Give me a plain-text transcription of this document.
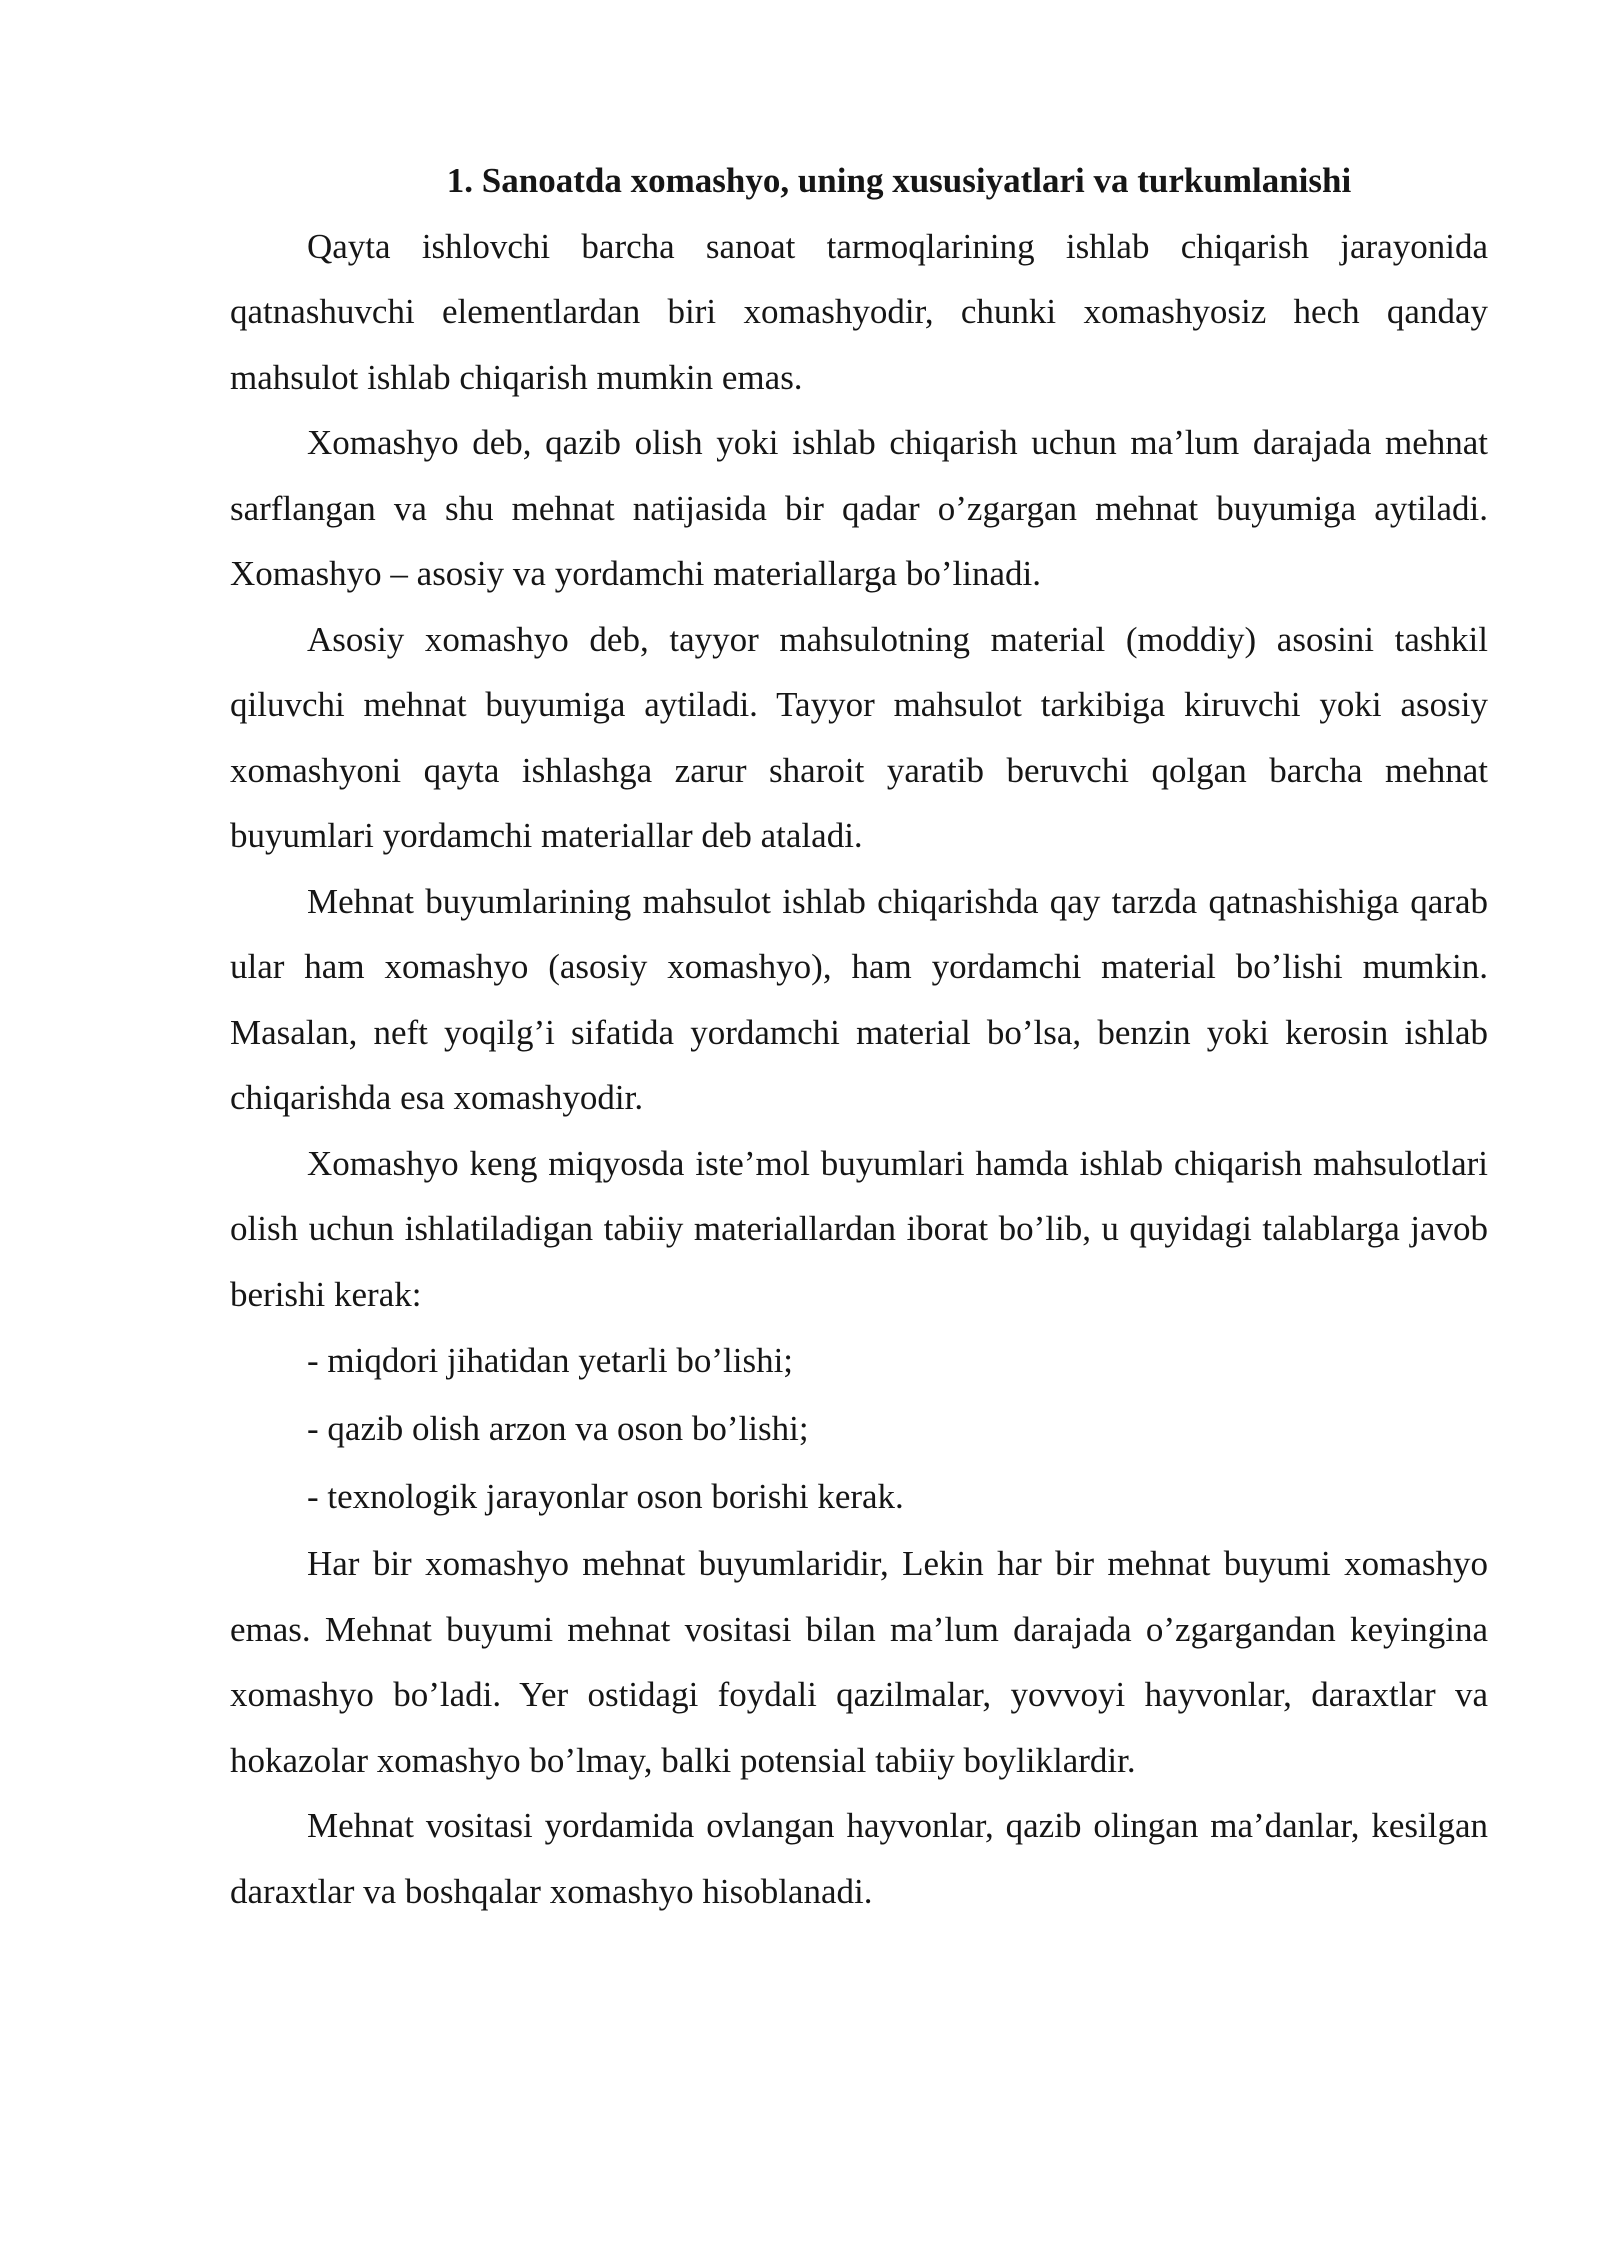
1. Sanoatda xomashyo, uning xususiyatlari va turkumlanishi

Qayta ishlovchi barcha sanoat tarmoqlarining ishlab chiqarish jarayonida qatnashuvchi elementlardan biri xomashyodir, chunki xomashyosiz hech qanday mahsulot ishlab chiqarish mumkin emas.

Xomashyo deb, qazib olish yoki ishlab chiqarish uchun ma’lum darajada mehnat sarflangan va shu mehnat natijasida bir qadar o’zgargan mehnat buyumiga aytiladi. Xomashyo – asosiy va yordamchi materiallarga bo’linadi.

Asosiy xomashyo deb, tayyor mahsulotning material (moddiy) asosini tashkil qiluvchi mehnat buyumiga aytiladi. Tayyor mahsulot tarkibiga kiruvchi yoki asosiy xomashyoni qayta ishlashga zarur sharoit yaratib beruvchi qolgan barcha mehnat buyumlari yordamchi materiallar deb ataladi.

Mehnat buyumlarining mahsulot ishlab chiqarishda qay tarzda qatnashishiga qarab ular ham xomashyo (asosiy xomashyo), ham yordamchi material bo’lishi mumkin. Masalan, neft yoqilg’i sifatida yordamchi material bo’lsa, benzin yoki kerosin ishlab chiqarishda esa xomashyodir.

Xomashyo keng miqyosda iste’mol buyumlari hamda ishlab chiqarish mahsulotlari olish uchun ishlatiladigan tabiiy materiallardan iborat bo’lib, u quyidagi talablarga javob berishi kerak:

- miqdori jihatidan yetarli bo’lishi;

- qazib olish arzon va oson bo’lishi;

- texnologik jarayonlar oson borishi kerak.

Har bir xomashyo mehnat buyumlaridir, Lekin har bir mehnat buyumi xomashyo emas. Mehnat buyumi mehnat vositasi bilan ma’lum darajada o’zgargandan keyingina xomashyo bo’ladi. Yer ostidagi foydali qazilmalar, yovvoyi hayvonlar, daraxtlar va hokazolar xomashyo bo’lmay, balki potensial tabiiy boyliklardir.

Mehnat vositasi yordamida ovlangan hayvonlar, qazib olingan ma’danlar, kesilgan daraxtlar va boshqalar xomashyo hisoblanadi.
